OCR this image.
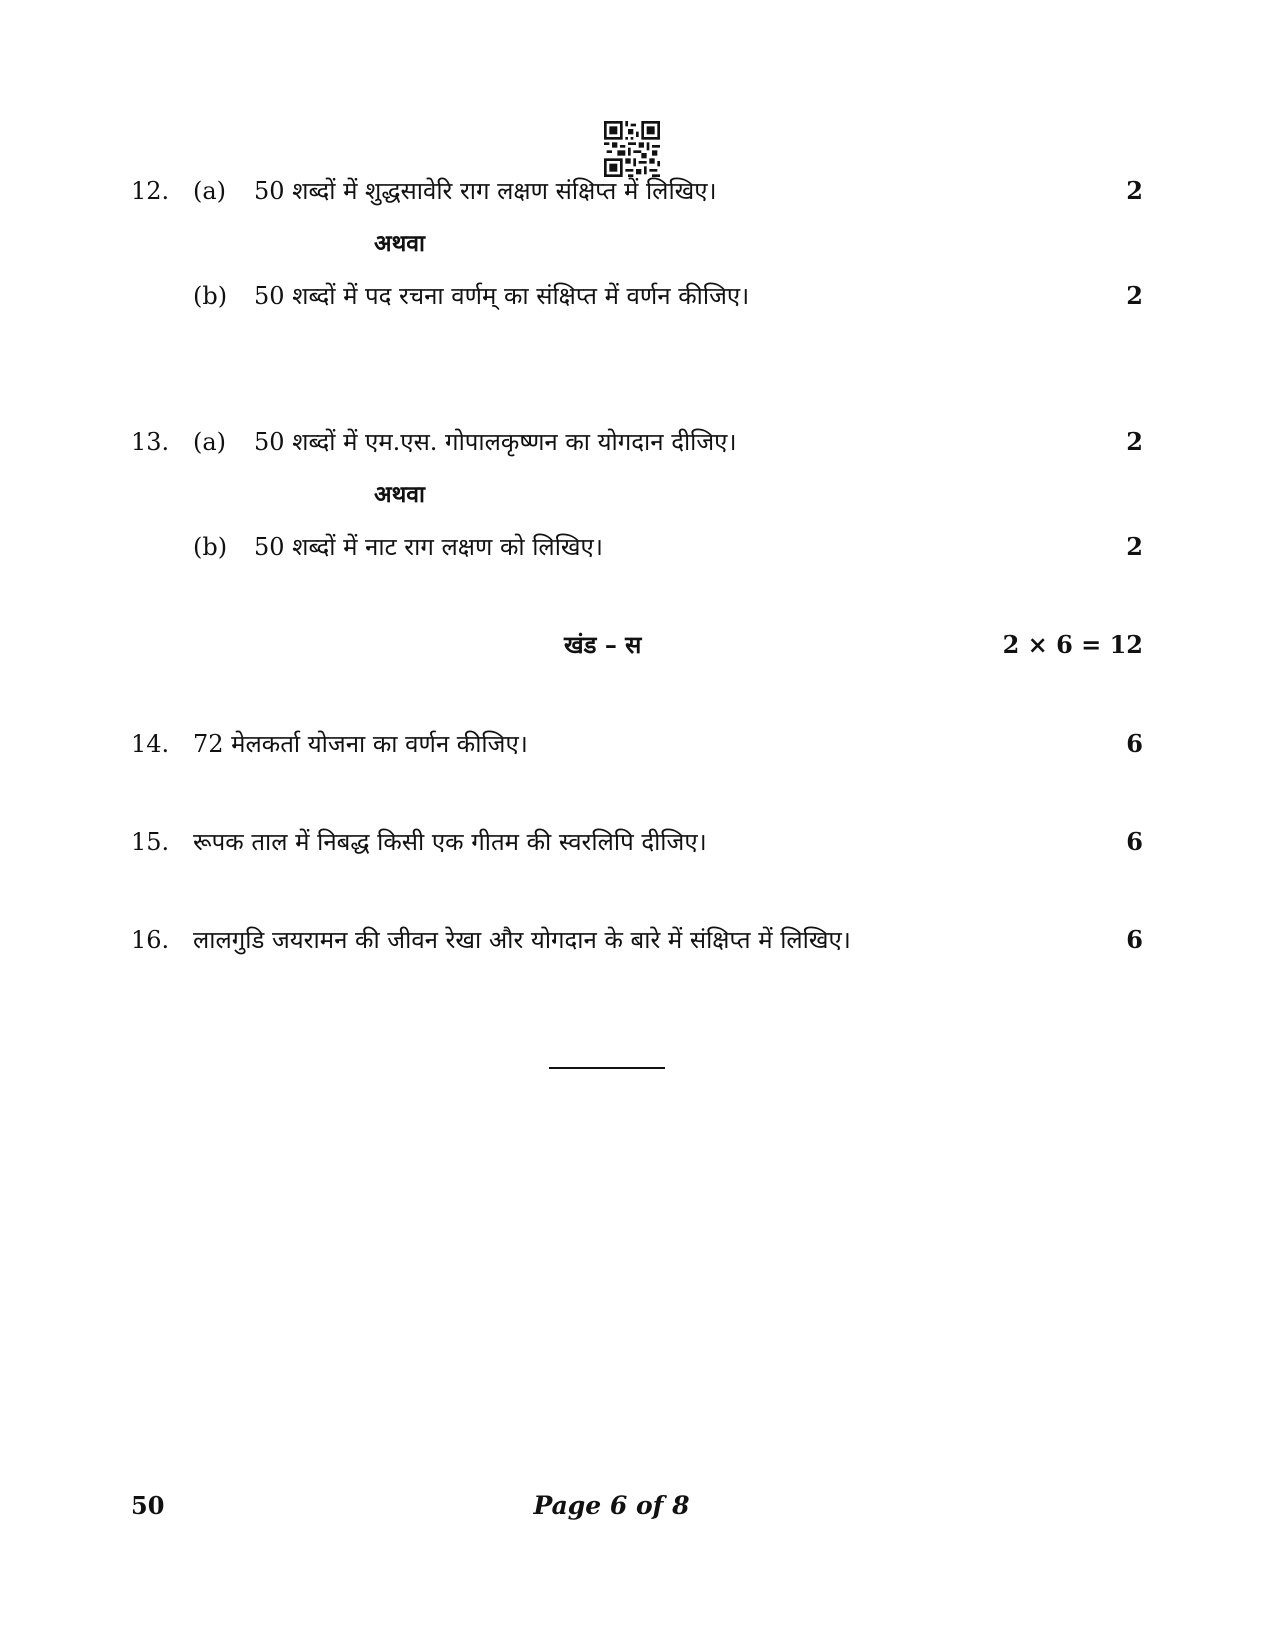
12. (a) 50 शब्दों में शुद्धसावेरि राग लक्षण संक्षिप्त में लिखिए।	2
अथवा
(b) 50 शब्दों में पद रचना वर्णम् का संक्षिप्त में वर्णन कीजिए।	2
13. (a) 50 शब्दों में एम.एस. गोपालकृष्णन का योगदान दीजिए।	2
अथवा
(b) 50 शब्दों में नाट राग लक्षण को लिखिए।	2
खंड – स	2 × 6 = 12
14. 72 मेलकर्ता योजना का वर्णन कीजिए।	6
15. रूपक ताल में निबद्ध किसी एक गीतम की स्वरलिपि दीजिए।	6
16. लालगुडि जयरामन की जीवन रेखा और योगदान के बारे में संक्षिप्त में लिखिए।	6
50	Page 6 of 8
